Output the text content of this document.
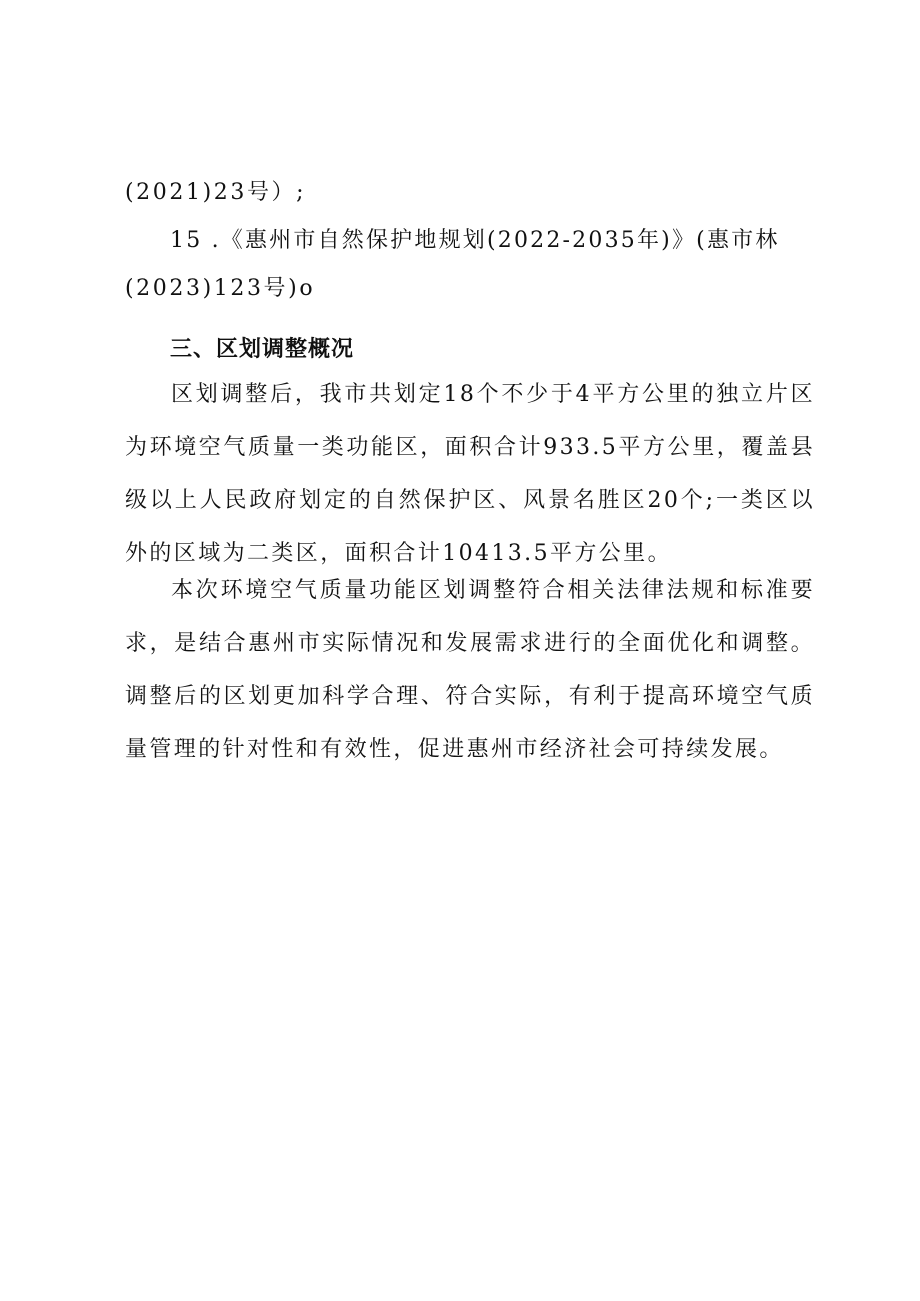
(2021)23号）;
15 .《惠州市自然保护地规划(2022-2035年)》(惠市林
(2023)123号)o
三、区划调整概况

区划调整后，我市共划定18个不少于4平方公里的独立片区为环境空气质量一类功能区，面积合计933.5平方公里，覆盖县级以上人民政府划定的自然保护区、风景名胜区20个;一类区以外的区域为二类区，面积合计10413.5平方公里。

本次环境空气质量功能区划调整符合相关法律法规和标准要求，是结合惠州市实际情况和发展需求进行的全面优化和调整。调整后的区划更加科学合理、符合实际，有利于提高环境空气质量管理的针对性和有效性，促进惠州市经济社会可持续发展。
